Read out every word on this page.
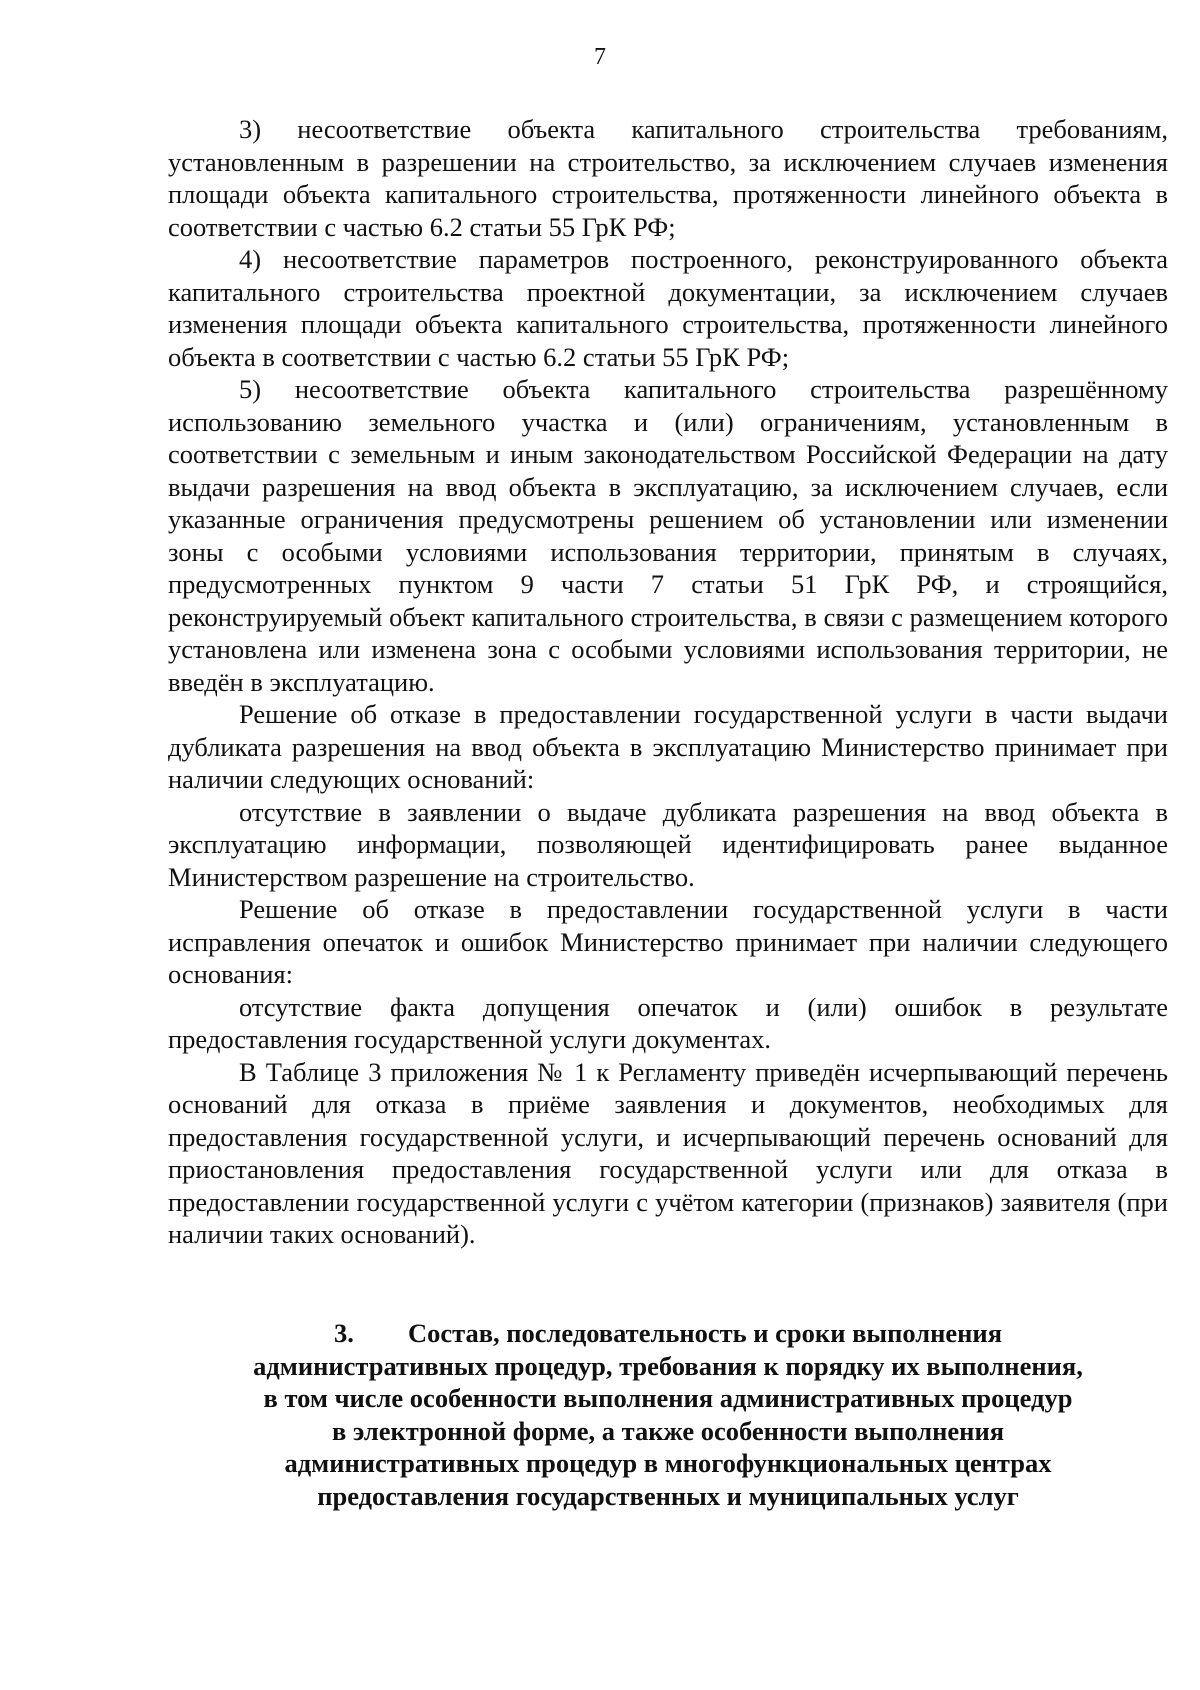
7

3) несоответствие объекта капитального строительства требованиям, установленным в разрешении на строительство, за исключением случаев изменения площади объекта капитального строительства, протяженности линейного объекта в соответствии с частью 6.2 статьи 55 ГрК РФ;

4) несоответствие параметров построенного, реконструированного объекта капитального строительства проектной документации, за исключением случаев изменения площади объекта капитального строительства, протяженности линейного объекта в соответствии с частью 6.2 статьи 55 ГрК РФ;

5) несоответствие объекта капитального строительства разрешённому использованию земельного участка и (или) ограничениям, установленным в соответствии с земельным и иным законодательством Российской Федерации на дату выдачи разрешения на ввод объекта в эксплуатацию, за исключением случаев, если указанные ограничения предусмотрены решением об установлении или изменении зоны с особыми условиями использования территории, принятым в случаях, предусмотренных пунктом 9 части 7 статьи 51 ГрК РФ, и строящийся, реконструируемый объект капитального строительства, в связи с размещением которого установлена или изменена зона с особыми условиями использования территории, не введён в эксплуатацию.

Решение об отказе в предоставлении государственной услуги в части выдачи дубликата разрешения на ввод объекта в эксплуатацию Министерство принимает при наличии следующих оснований:

отсутствие в заявлении о выдаче дубликата разрешения на ввод объекта в эксплуатацию информации, позволяющей идентифицировать ранее выданное Министерством разрешение на строительство.

Решение об отказе в предоставлении государственной услуги в части исправления опечаток и ошибок Министерство принимает при наличии следующего основания:

отсутствие факта допущения опечаток и (или) ошибок в результате предоставления государственной услуги документах.

В Таблице 3 приложения № 1 к Регламенту приведён исчерпывающий перечень оснований для отказа в приёме заявления и документов, необходимых для предоставления государственной услуги, и исчерпывающий перечень оснований для приостановления предоставления государственной услуги или для отказа в предоставлении государственной услуги с учётом категории (признаков) заявителя (при наличии таких оснований).

3. Состав, последовательность и сроки выполнения
административных процедур, требования к порядку их выполнения,
в том числе особенности выполнения административных процедур
в электронной форме, а также особенности выполнения
административных процедур в многофункциональных центрах
предоставления государственных и муниципальных услуг
